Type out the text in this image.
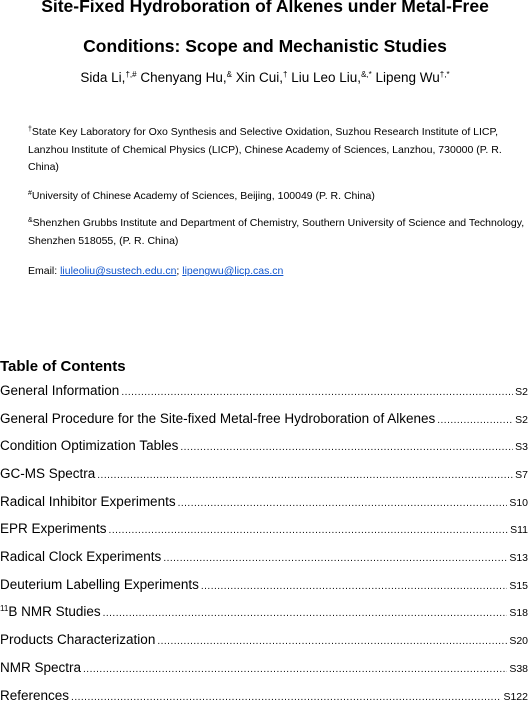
Site-Fixed Hydroboration of Alkenes under Metal-Free
Conditions: Scope and Mechanistic Studies
Sida Li,†,# Chenyang Hu,& Xin Cui,† Liu Leo Liu,&,* Lipeng Wu†,*
†State Key Laboratory for Oxo Synthesis and Selective Oxidation, Suzhou Research Institute of LICP, Lanzhou Institute of Chemical Physics (LICP), Chinese Academy of Sciences, Lanzhou, 730000 (P. R. China)
#University of Chinese Academy of Sciences, Beijing, 100049 (P. R. China)
&Shenzhen Grubbs Institute and Department of Chemistry, Southern University of Science and Technology, Shenzhen 518055, (P. R. China)
Email: liuleoliu@sustech.edu.cn; lipengwu@licp.cas.cn
Table of Contents
General Information .....	S2
General Procedure for the Site-fixed Metal-free Hydroboration of Alkenes .....	S2
Condition Optimization Tables .....	S3
GC-MS Spectra .....	S7
Radical Inhibitor Experiments .....	S10
EPR Experiments .....	S11
Radical Clock Experiments .....	S13
Deuterium Labelling Experiments .....	S15
$^{11}$B NMR Studies .....	S18
Products Characterization .....	S20
NMR Spectra .....	S38
References .....	S122
